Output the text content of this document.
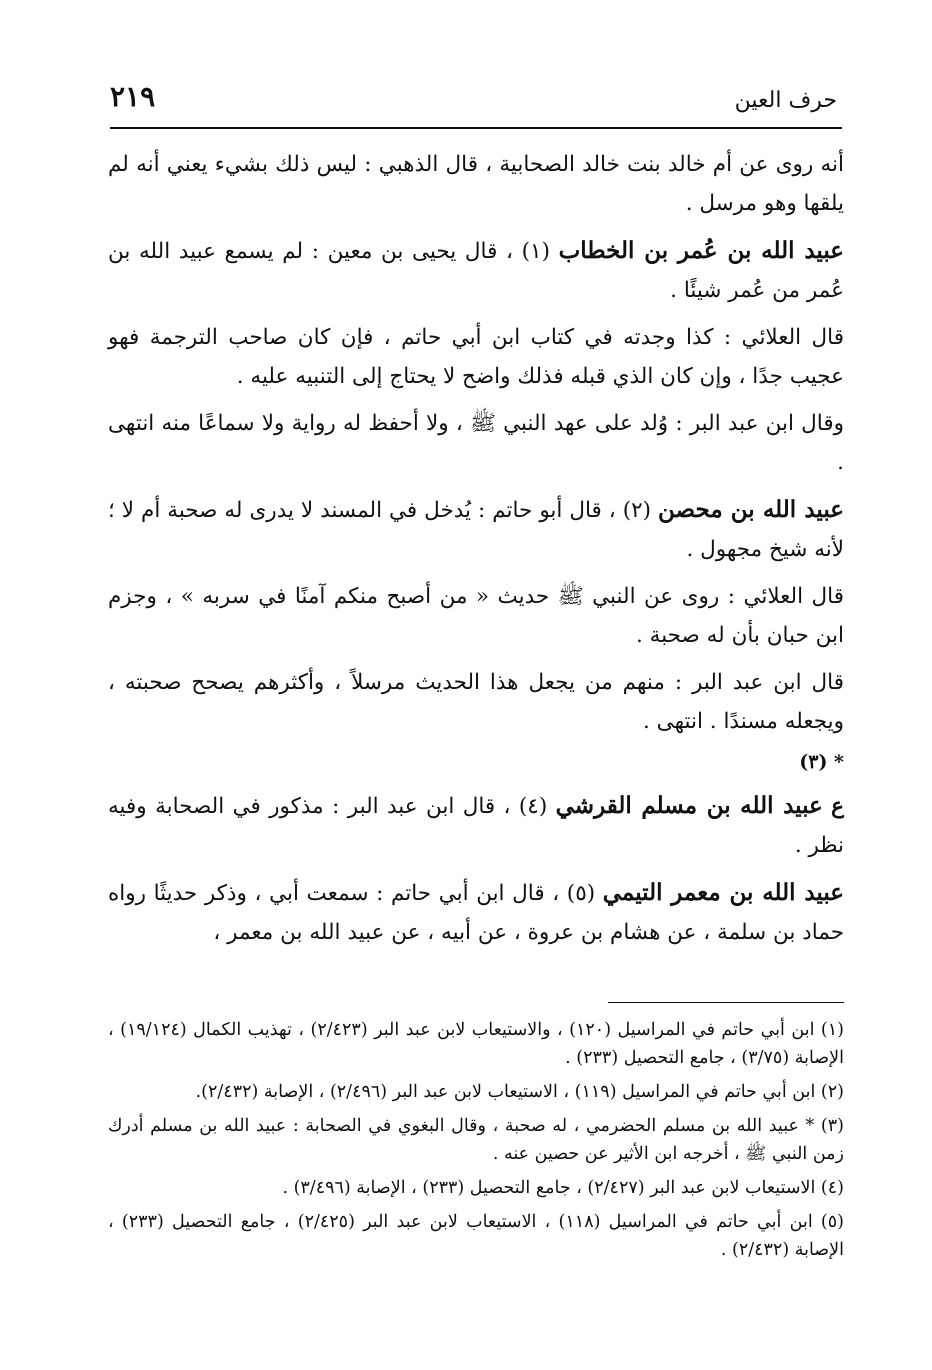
حرف العين
٢١٩

أنه روى عن أم خالد بنت خالد الصحابية ، قال الذهبي : ليس ذلك بشيء يعني أنه لم يلقها وهو مرسل .

عبيد الله بن عُمر بن الخطاب (١) ، قال يحيى بن معين : لم يسمع عبيد الله بن عُمر من عُمر شيئًا .

قال العلائي : كذا وجدته في كتاب ابن أبي حاتم ، فإن كان صاحب الترجمة فهو عجيب جدًا ، وإن كان الذي قبله فذلك واضح لا يحتاج إلى التنبيه عليه .

وقال ابن عبد البر : وُلد على عهد النبي ﷺ ، ولا أحفظ له رواية ولا سماعًا منه انتهى .

عبيد الله بن محصن (٢) ، قال أبو حاتم : يُدخل في المسند لا يدرى له صحبة أم لا ؛ لأنه شيخ مجهول .

قال العلائي : روى عن النبي ﷺ حديث « من أصبح منكم آمنًا في سربه » ، وجزم ابن حبان بأن له صحبة .

قال ابن عبد البر : منهم من يجعل هذا الحديث مرسلاً ، وأكثرهم يصحح صحبته ، ويجعله مسندًا . انتهى .

* (٣)

ع عبيد الله بن مسلم القرشي (٤) ، قال ابن عبد البر : مذكور في الصحابة وفيه نظر .

عبيد الله بن معمر التيمي (٥) ، قال ابن أبي حاتم : سمعت أبي ، وذكر حديثًا رواه حماد بن سلمة ، عن هشام بن عروة ، عن أبيه ، عن عبيد الله بن معمر ،

(١) ابن أبي حاتم في المراسيل (١٢٠) ، والاستيعاب لابن عبد البر (٢/٤٢٣) ، تهذيب الكمال (١٩/١٢٤) ، الإصابة (٣/٧٥) ، جامع التحصيل (٢٣٣) .

(٢) ابن أبي حاتم في المراسيل (١١٩) ، الاستيعاب لابن عبد البر (٢/٤٩٦) ، الإصابة (٢/٤٣٢).

(٣) * عبيد الله بن مسلم الحضرمي ، له صحبة ، وقال البغوي في الصحابة : عبيد الله بن مسلم أدرك زمن النبي ﷺ ، أخرجه ابن الأثير عن حصين عنه .

(٤) الاستيعاب لابن عبد البر (٢/٤٢٧) ، جامع التحصيل (٢٣٣) ، الإصابة (٣/٤٩٦) .

(٥) ابن أبي حاتم في المراسيل (١١٨) ، الاستيعاب لابن عبد البر (٢/٤٢٥) ، جامع التحصيل (٢٣٣) ، الإصابة (٢/٤٣٢) .
